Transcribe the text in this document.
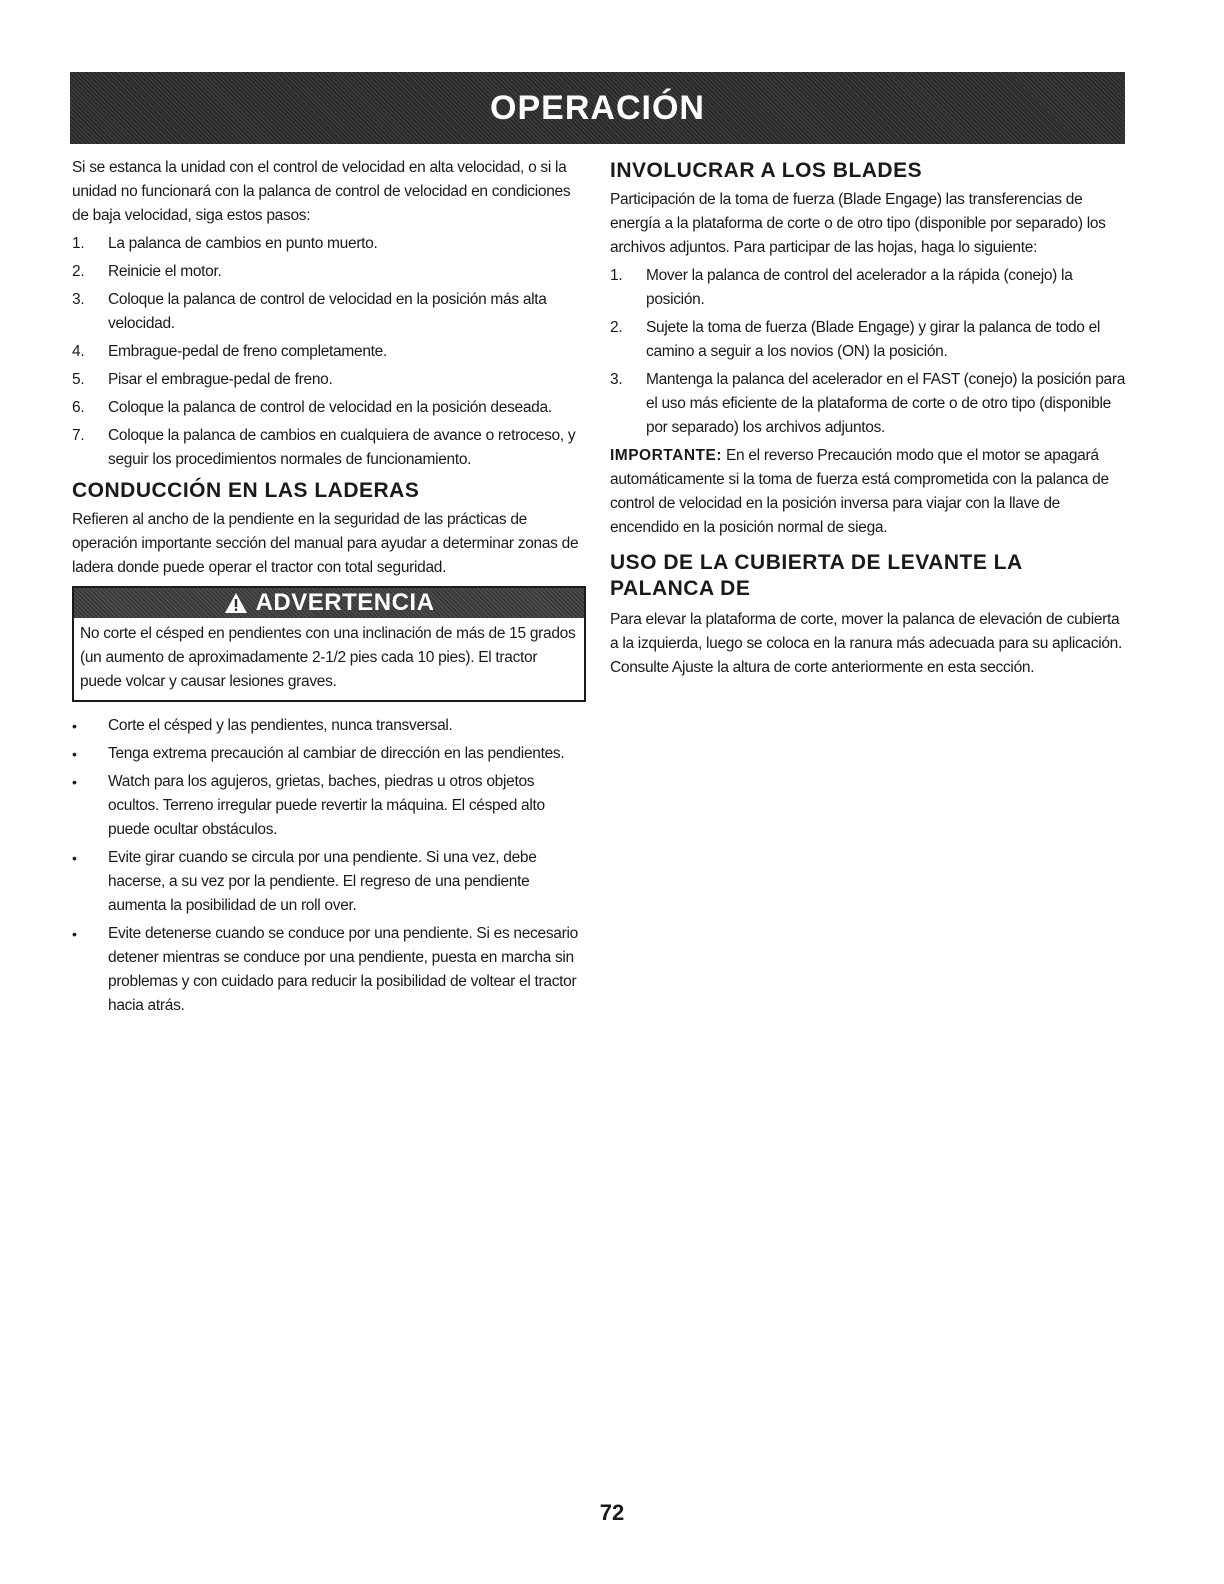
OPERACIÓN

Si se estanca la unidad con el control de velocidad en alta velocidad, o si la unidad no funcionará con la palanca de control de velocidad en condiciones de baja velocidad, siga estos pasos:

1. La palanca de cambios en punto muerto.
2. Reinicie el motor.
3. Coloque la palanca de control de velocidad en la posición más alta velocidad.
4. Embrague-pedal de freno completamente.
5. Pisar el embrague-pedal de freno.
6. Coloque la palanca de control de velocidad en la posición deseada.
7. Coloque la palanca de cambios en cualquiera de avance o retroceso, y seguir los procedimientos normales de funcionamiento.
CONDUCCIÓN EN LAS LADERAS

Refieren al ancho de la pendiente en la seguridad de las prácticas de operación importante sección del manual para ayudar a determinar zonas de ladera donde puede operar el tractor con total seguridad.

ADVERTENCIA

No corte el césped en pendientes con una inclinación de más de 15 grados (un aumento de aproximadamente 2-1/2 pies cada 10 pies). El tractor puede volcar y causar lesiones graves.

• Corte el césped y las pendientes, nunca transversal.
• Tenga extrema precaución al cambiar de dirección en las pendientes.
• Watch para los agujeros, grietas, baches, piedras u otros objetos ocultos. Terreno irregular puede revertir la máquina. El césped alto puede ocultar obstáculos.
• Evite girar cuando se circula por una pendiente. Si una vez, debe hacerse, a su vez por la pendiente. El regreso de una pendiente aumenta la posibilidad de un roll over.
• Evite detenerse cuando se conduce por una pendiente. Si es necesario detener mientras se conduce por una pendiente, puesta en marcha sin problemas y con cuidado para reducir la posibilidad de voltear el tractor hacia atrás.
INVOLUCRAR A LOS BLADES

Participación de la toma de fuerza (Blade Engage) las transferencias de energía a la plataforma de corte o de otro tipo (disponible por separado) los archivos adjuntos. Para participar de las hojas, haga lo siguiente:

1. Mover la palanca de control del acelerador a la rápida (conejo) la posición.
2. Sujete la toma de fuerza (Blade Engage) y girar la palanca de todo el camino a seguir a los novios (ON) la posición.
3. Mantenga la palanca del acelerador en el FAST (conejo) la posición para el uso más eficiente de la plataforma de corte o de otro tipo (disponible por separado) los archivos adjuntos.

IMPORTANTE: En el reverso Precaución modo que el motor se apagará automáticamente si la toma de fuerza está comprometida con la palanca de control de velocidad en la posición inversa para viajar con la llave de encendido en la posición normal de siega.

USO DE LA CUBIERTA DE LEVANTE LA PALANCA DE

Para elevar la plataforma de corte, mover la palanca de elevación de cubierta a la izquierda, luego se coloca en la ranura más adecuada para su aplicación. Consulte Ajuste la altura de corte anteriormente en esta sección.

72
